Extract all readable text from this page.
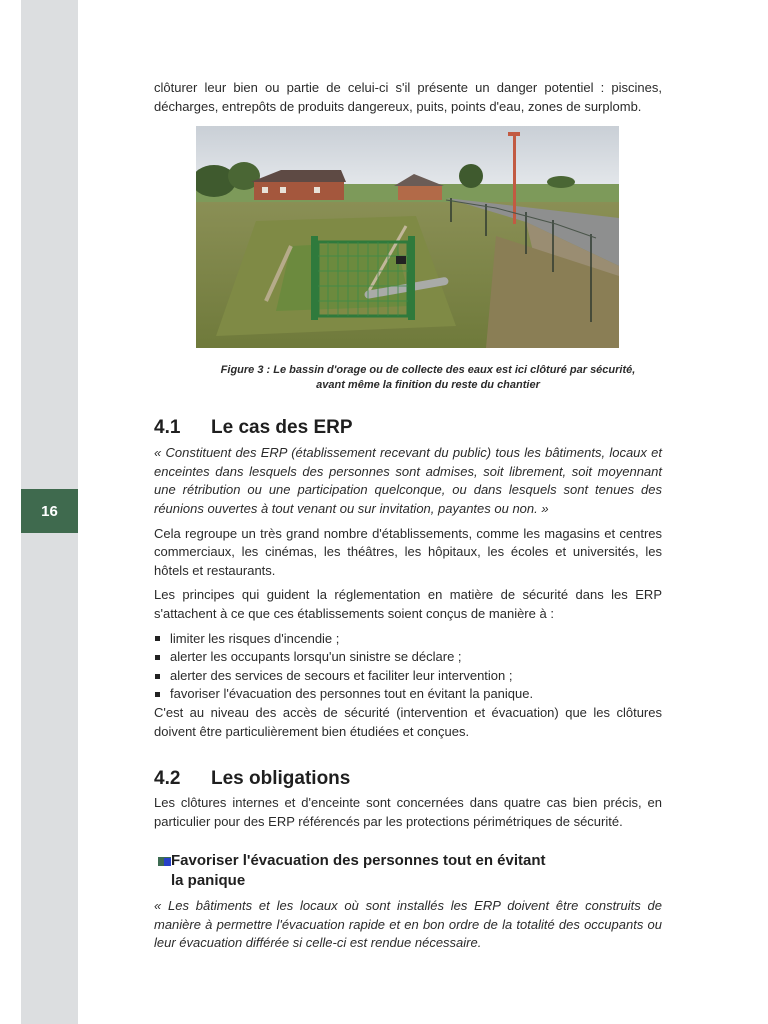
16

clôturer leur bien ou partie de celui-ci s'il présente un danger potentiel : piscines, décharges, entrepôts de produits dangereux, puits, points d'eau, zones de surplomb.

Figure 3 : Le bassin d'orage ou de collecte des eaux est ici clôturé par sécurité,
avant même la finition du reste du chantier
4.1 Le cas des ERP

« Constituent des ERP (établissement recevant du public) tous les bâtiments, locaux et enceintes dans lesquels des personnes sont admises, soit librement, soit moyennant une rétribution ou une participation quelconque, ou dans lesquels sont tenues des réunions ouvertes à tout venant ou sur invitation, payantes ou non. »

Cela regroupe un très grand nombre d'établissements, comme les magasins et centres commerciaux, les cinémas, les théâtres, les hôpitaux, les écoles et universités, les hôtels et restaurants.

Les principes qui guident la réglementation en matière de sécurité dans les ERP s'attachent à ce que ces établissements soient conçus de manière à :

limiter les risques d'incendie ;
alerter les occupants lorsqu'un sinistre se déclare ;
alerter des services de secours et faciliter leur intervention ;
favoriser l'évacuation des personnes tout en évitant la panique.

C'est au niveau des accès de sécurité (intervention et évacuation) que les clôtures doivent être particulièrement bien étudiées et conçues.

4.2 Les obligations

Les clôtures internes et d'enceinte sont concernées dans quatre cas bien précis, en particulier pour des ERP référencés par les protections périmétriques de sécurité.

Favoriser l'évacuation des personnes tout en évitant
la panique

« Les bâtiments et les locaux où sont installés les ERP doivent être construits de manière à permettre l'évacuation rapide et en bon ordre de la totalité des occupants ou leur évacuation différée si celle-ci est rendue nécessaire.
